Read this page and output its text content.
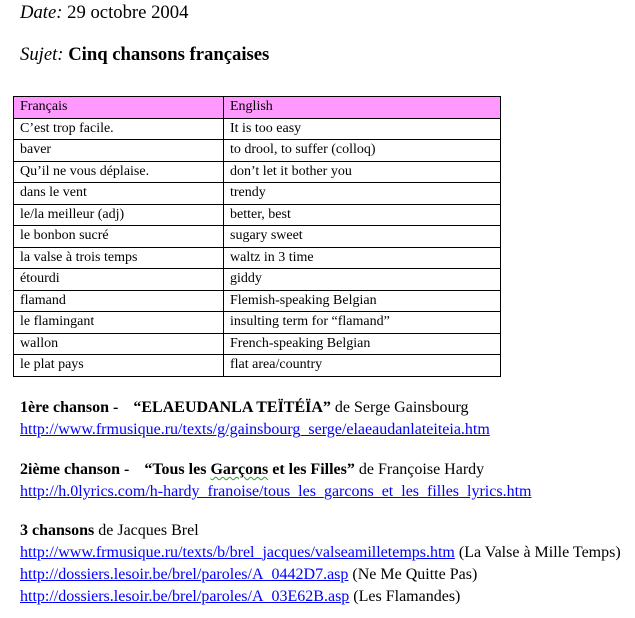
Date: 29 octobre 2004
Sujet: Cinq chansons françaises
Français	English
C’est trop facile.	It is too easy
baver	to drool, to suffer (colloq)
Qu’il ne vous déplaise.	don’t let it bother you
dans le vent	trendy
le/la meilleur (adj)	better, best
le bonbon sucré	sugary sweet
la valse à trois temps	waltz in 3 time
étourdi	giddy
flamand	Flemish-speaking Belgian
le flamingant	insulting term for “flamand”
wallon	French-speaking Belgian
le plat pays	flat area/country
1ère chanson - “ELAEUDANLA TEÏTÉÏA” de Serge Gainsbourg
http://www.frmusique.ru/texts/g/gainsbourg_serge/elaeaudanlateiteia.htm
2ième chanson - “Tous les Garçons et les Filles” de Françoise Hardy
http://h.0lyrics.com/h-hardy_franoise/tous_les_garcons_et_les_filles_lyrics.htm
3 chansons de Jacques Brel
http://www.frmusique.ru/texts/b/brel_jacques/valseamilletemps.htm (La Valse à Mille Temps)
http://dossiers.lesoir.be/brel/paroles/A_0442D7.asp (Ne Me Quitte Pas)
http://dossiers.lesoir.be/brel/paroles/A_03E62B.asp (Les Flamandes)
